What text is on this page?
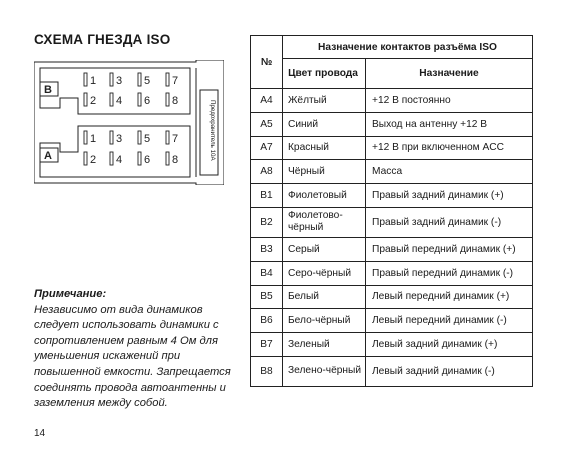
СХЕМА ГНЕЗДА ISO
B
A
1 3 5 7
2 4 6 8
1 3 5 7
2 4 6 8	Предохранитель 10А
Примечание:
Независимо от вида динамиков следует использовать динамики с сопротивлением равным 4 Ом для уменьшения искажений при повышенной емкости. Запрещается соединять провода автоантенны и заземления между собой.
14
№	Назначение контактов разъёма ISO	
	Цвет провода	Назначение
A4	Жёлтый	+12 В постоянно
A5	Синий	Выход на антенну +12 В
A7	Красный	+12 В при включенном ACC
A8	Чёрный	Масса
B1	Фиолетовый	Правый задний динамик (+)
B2	Фиолетово-чёрный	Правый задний динамик (-)
B3	Серый	Правый передний динамик (+)
B4	Серо-чёрный	Правый передний динамик (-)
B5	Белый	Левый передний динамик (+)
B6	Бело-чёрный	Левый передний динамик (-)
B7	Зеленый	Левый задний динамик (+)
B8	Зелено-чёрный	Левый задний динамик (-)
